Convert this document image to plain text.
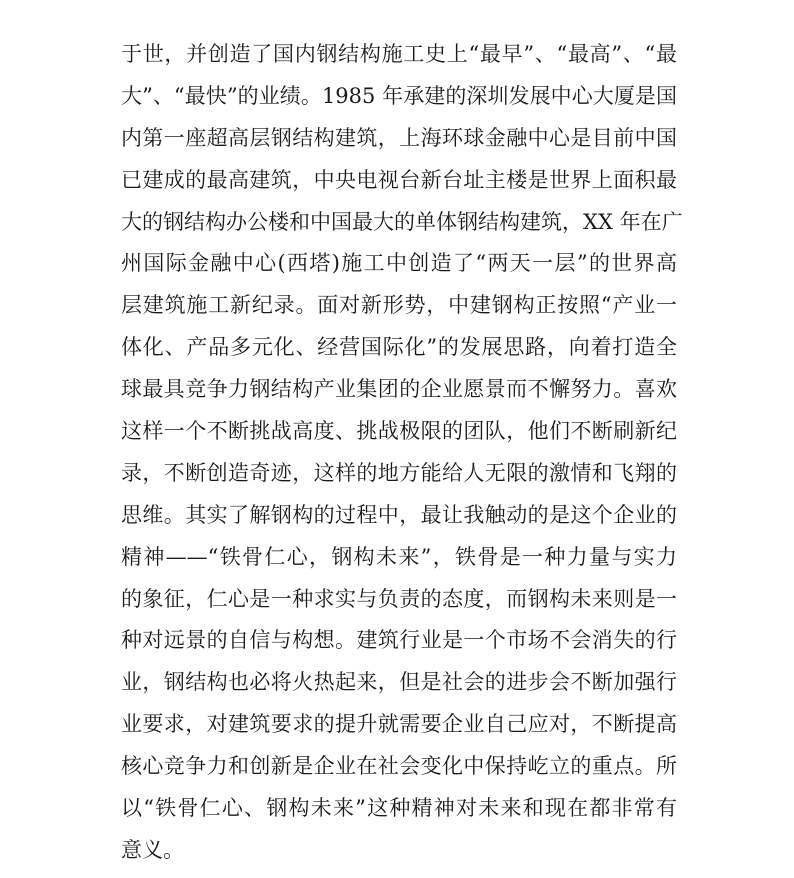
于世，并创造了国内钢结构施工史上“最早”、“最高”、“最
大”、“最快”的业绩。1985 年承建的深圳发展中心大厦是国
内第一座超高层钢结构建筑，上海环球金融中心是目前中国
已建成的最高建筑，中央电视台新台址主楼是世界上面积最
大的钢结构办公楼和中国最大的单体钢结构建筑，XX 年在广
州国际金融中心(西塔)施工中创造了“两天一层”的世界高
层建筑施工新纪录。面对新形势，中建钢构正按照“产业一
体化、产品多元化、经营国际化”的发展思路，向着打造全
球最具竞争力钢结构产业集团的企业愿景而不懈努力。喜欢
这样一个不断挑战高度、挑战极限的团队，他们不断刷新纪
录，不断创造奇迹，这样的地方能给人无限的激情和飞翔的
思维。其实了解钢构的过程中，最让我触动的是这个企业的
精神——“铁骨仁心，钢构未来”，铁骨是一种力量与实力
的象征，仁心是一种求实与负责的态度，而钢构未来则是一
种对远景的自信与构想。建筑行业是一个市场不会消失的行
业，钢结构也必将火热起来，但是社会的进步会不断加强行
业要求，对建筑要求的提升就需要企业自己应对，不断提高
核心竞争力和创新是企业在社会变化中保持屹立的重点。所
以“铁骨仁心、钢构未来”这种精神对未来和现在都非常有
意义。
